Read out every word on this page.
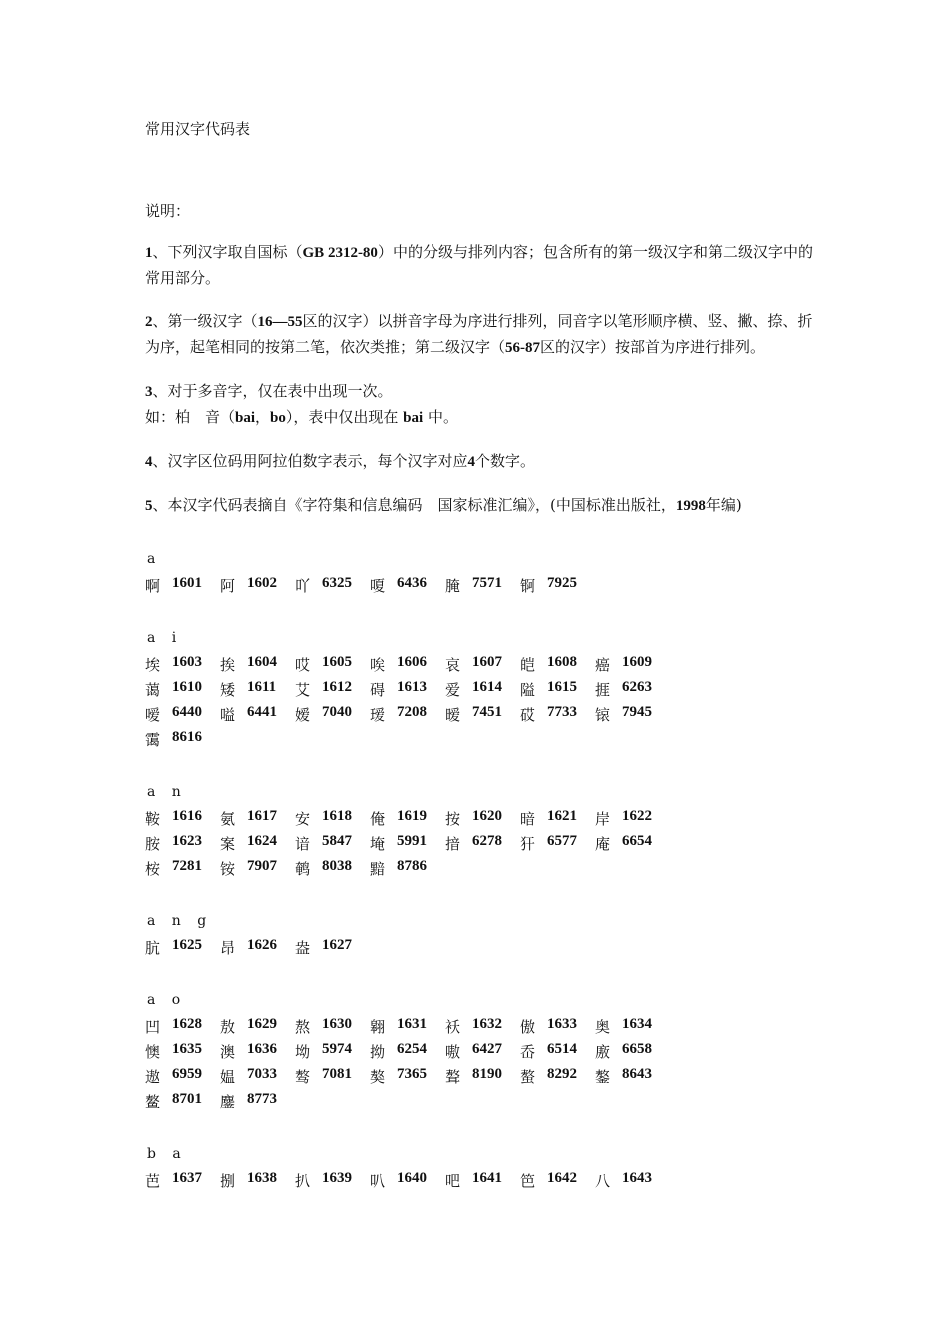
常用汉字代码表
说明：
1、下列汉字取自国标（GB 2312-80）中的分级与排列内容；包含所有的第一级汉字和第二级汉字中的常用部分。
2、第一级汉字（16—55区的汉字）以拼音字母为序进行排列，同音字以笔形顺序横、竖、撇、捺、折为序，起笔相同的按第二笔，依次类推；第二级汉字（56-87区的汉字）按部首为序进行排列。
3、对于多音字，仅在表中出现一次。
如：柏　音（bai，bo），表中仅出现在 bai 中。
4、汉字区位码用阿拉伯数字表示，每个汉字对应4个数字。
5、本汉字代码表摘自《字符集和信息编码　国家标准汇编》，(中国标准出版社，1998年编)
a
啊 1601 阿 1602 吖 6325 嗄 6436 腌 7571 锕 7925
a i
埃 1603 挨 1604 哎 1605 唉 1606 哀 1607 皑 1608 癌 1609
蔼 1610 矮 1611 艾 1612 碍 1613 爱 1614 隘 1615 捱 6263
嗳 6440 嗌 6441 嫒 7040 瑷 7208 暧 7451 砹 7733 锿 7945
霭 8616
a n
鞍 1616 氨 1617 安 1618 俺 1619 按 1620 暗 1621 岸 1622
胺 1623 案 1624 谙 5847 埯 5991 揞 6278 犴 6577 庵 6654
桉 7281 铵 7907 鹌 8038 黯 8786
a n g
肮 1625 昂 1626 盎 1627
a o
凹 1628 敖 1629 熬 1630 翱 1631 袄 1632 傲 1633 奥 1634
懊 1635 澳 1636 坳 5974 拗 6254 嗷 6427 岙 6514 廒 6658
遨 6959 媪 7033 骜 7081 獒 7365 聱 8190 螯 8292 鏊 8643
鳌 8701 鏖 8773
b a
芭 1637 捌 1638 扒 1639 叭 1640 吧 1641 笆 1642 八 1643
